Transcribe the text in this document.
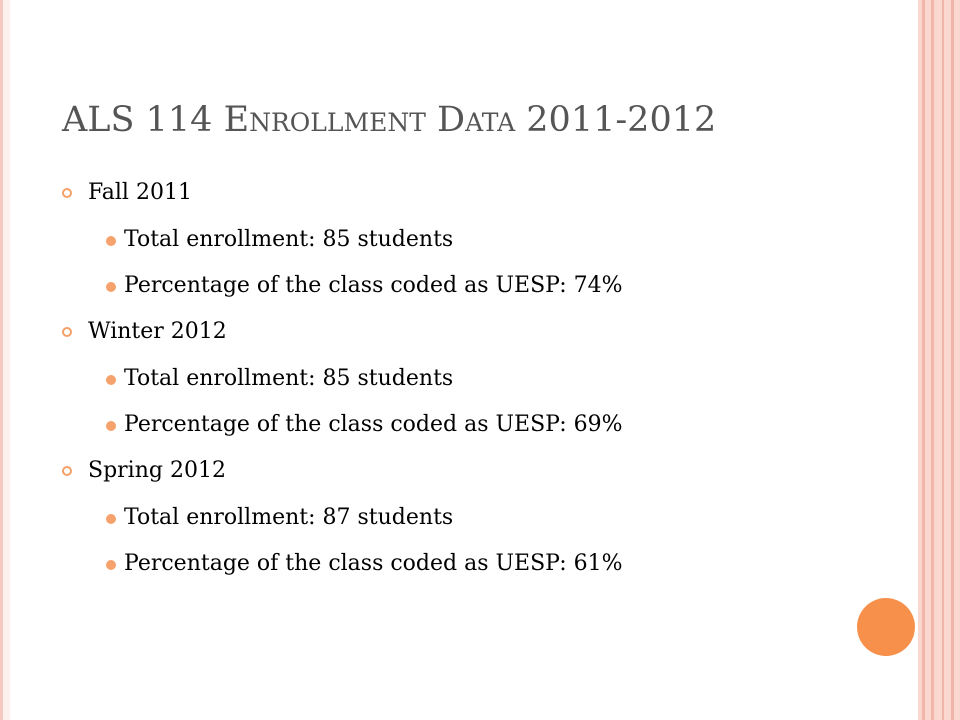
ALS 114 Enrollment Data 2011-2012
Fall 2011
Total enrollment: 85 students
Percentage of the class coded as UESP: 74%
Winter 2012
Total enrollment: 85 students
Percentage of the class coded as UESP: 69%
Spring 2012
Total enrollment: 87 students
Percentage of the class coded as UESP: 61%
